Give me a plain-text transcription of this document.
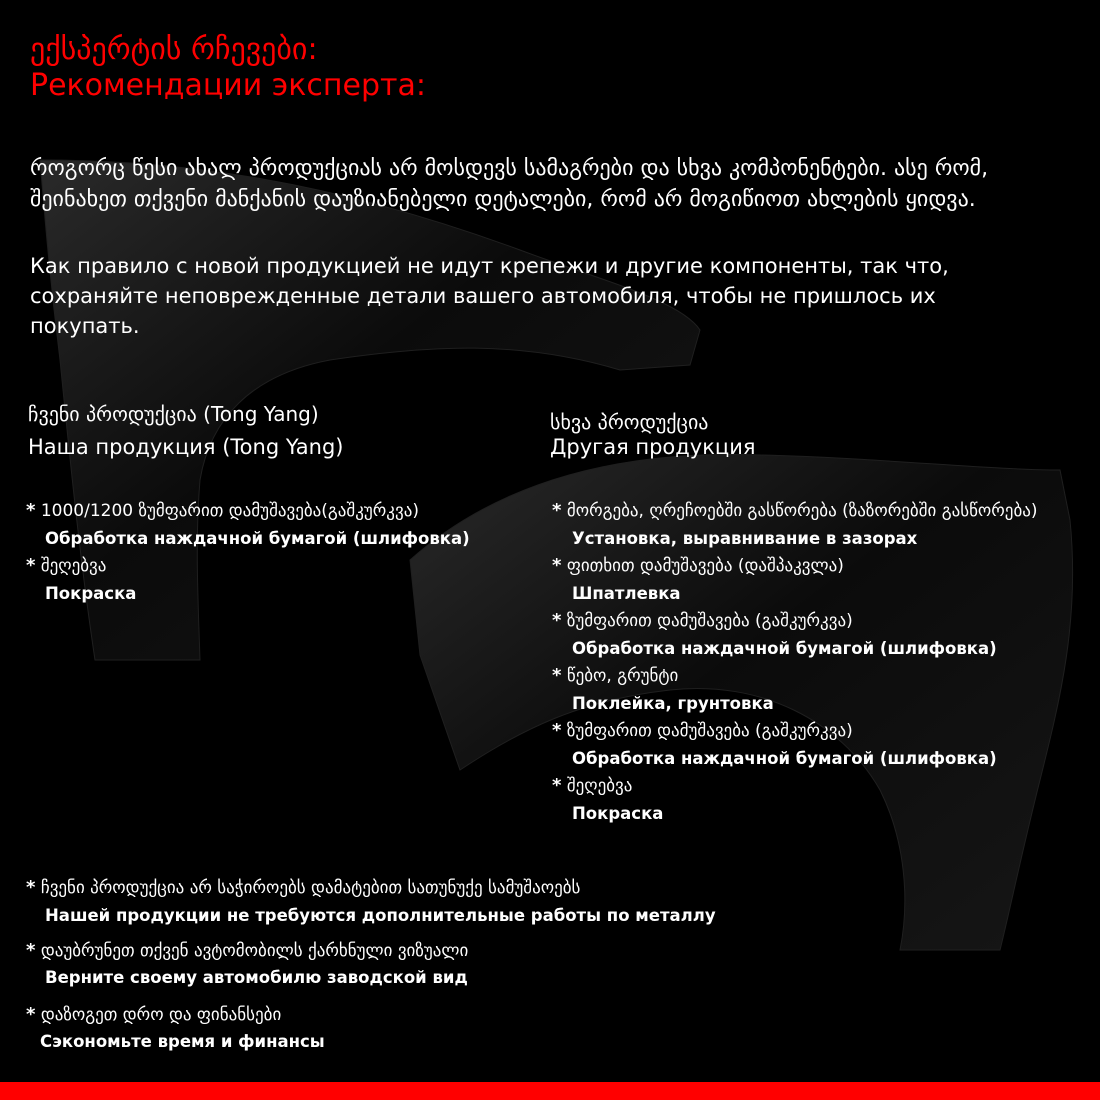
ექსპერტის რჩევები:
Рекомендации эксперта:
როგორც წესი ახალ პროდუქციას არ მოსდევს სამაგრები და სხვა კომპონენტები. ასე რომ, შეინახეთ თქვენი მანქანის დაუზიანებელი დეტალები, რომ არ მოგიწიოთ ახლების ყიდვა.
Как правило с новой продукцией не идут крепежи и другие компоненты, так что, сохраняйте неповрежденные детали вашего автомобиля, чтобы не пришлось их покупать.
ჩვენი პროდუქცია (Tong Yang)
Наша продукция (Tong Yang)
* 1000/1200 ზუმფარით დამუშავება(გაშკურკვა)
Обработка наждачной бумагой (шлифовка)
* შეღებვა
Покраска
სხვა პროდუქცია
Другая продукция
* მორგება, ღრეჩოებში გასწორება (ზაზორებში გასწორება)
Установка, выравнивание в зазорах
* ფითხით დამუშავება (დაშპაკვლა)
Шпатлевка
* ზუმფარით დამუშავება (გაშკურკვა)
Обработка наждачной бумагой (шлифовка)
* წებო, გრუნტი
Поклейка, грунтовка
* ზუმფარით დამუშავება (გაშკურკვა)
Обработка наждачной бумагой (шлифовка)
* შეღებვა
Покраска
* ჩვენი პროდუქცია არ საჭიროებს დამატებით სათუნუქე სამუშაოებს
Нашей продукции не требуются дополнительные работы по металлу
* დაუბრუნეთ თქვენ ავტომობილს ქარხნული ვიზუალი
Верните своему автомобилю заводской вид
* დაზოგეთ დრო და ფინანსები
Сэкономьте время и финансы
